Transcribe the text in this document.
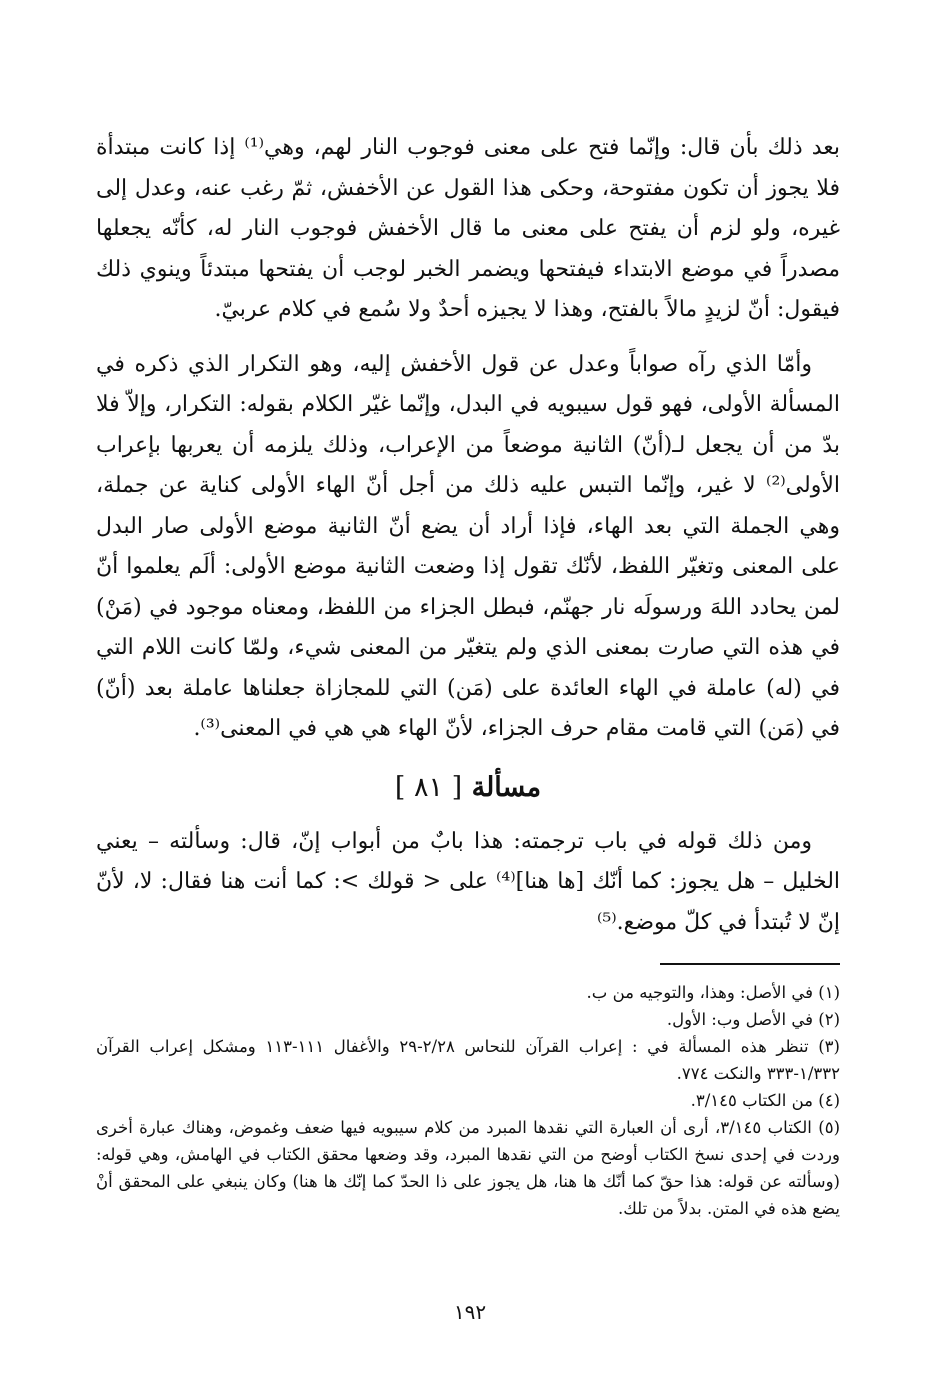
بعد ذلك بأن قال: وإنّما فتح على معنى فوجوب النار لهم، وهي⁽¹⁾ إذا كانت مبتدأة فلا يجوز أن تكون مفتوحة، وحكى هذا القول عن الأخفش، ثمّ رغب عنه، وعدل إلى غيره، ولو لزم أن يفتح على معنى ما قال الأخفش فوجوب النار له، كأنّه يجعلها مصدراً في موضع الابتداء فيفتحها ويضمر الخبر لوجب أن يفتحها مبتدئاً وينوي ذلك فيقول: أنّ لزيدٍ مالاً بالفتح، وهذا لا يجيزه أحدٌ ولا سُمع في كلام عربيّ.

وأمّا الذي رآه صواباً وعدل عن قول الأخفش إليه، وهو التكرار الذي ذكره في المسألة الأولى، فهو قول سيبويه في البدل، وإنّما غيّر الكلام بقوله: التكرار، وإلاّ فلا بدّ من أن يجعل لـ(أنّ) الثانية موضعاً من الإعراب، وذلك يلزمه أن يعربها بإعراب الأولى⁽²⁾ لا غير، وإنّما التبس عليه ذلك من أجل أنّ الهاء الأولى كناية عن جملة، وهي الجملة التي بعد الهاء، فإذا أراد أن يضع أنّ الثانية موضع الأولى صار البدل على المعنى وتغيّر اللفظ، لأنّك تقول إذا وضعت الثانية موضع الأولى: ألَم يعلموا أنّ لمن يحادد اللهَ ورسولَه نار جهنّم، فبطل الجزاء من اللفظ، ومعناه موجود في (مَنْ) في هذه التي صارت بمعنى الذي ولم يتغيّر من المعنى شيء، ولمّا كانت اللام التي في (له) عاملة في الهاء العائدة على (مَن) التي للمجازاة جعلناها عاملة بعد (أنّ) في (مَن) التي قامت مقام حرف الجزاء، لأنّ الهاء هي هي في المعنى⁽³⁾.

مسألة [ ٨١ ]

ومن ذلك قوله في باب ترجمته: هذا بابٌ من أبواب إنّ، قال: وسألته – يعني الخليل – هل يجوز: كما أنّك [ها هنا]⁽⁴⁾ على < قولك >: كما أنت هنا فقال: لا، لأنّ إنّ لا تُبتدأ في كلّ موضع.⁽⁵⁾

(١) في الأصل: وهذا، والتوجيه من ب.

(٢) في الأصل وب: الأول.

(٣) تنظر هذه المسألة في : إعراب القرآن للنحاس ٢/٢٨-٢٩ والأغفال ١١١-١١٣ ومشكل إعراب القرآن ١/٣٣٢-٣٣٣ والنكت ٧٧٤.

(٤) من الكتاب ٣/١٤٥.

(٥) الكتاب ٣/١٤٥، أرى أن العبارة التي نقدها المبرد من كلام سيبويه فيها ضعف وغموض، وهناك عبارة أخرى وردت في إحدى نسخ الكتاب أوضح من التي نقدها المبرد، وقد وضعها محقق الكتاب في الهامش، وهي قوله:(وسألته عن قوله: هذا حقّ كما أنّك ها هنا، هل يجوز على ذا الحدّ كما إنّك ها هنا) وكان ينبغي على المحقق أنْ يضع هذه في المتن. بدلاً من تلك.

١٩٢
